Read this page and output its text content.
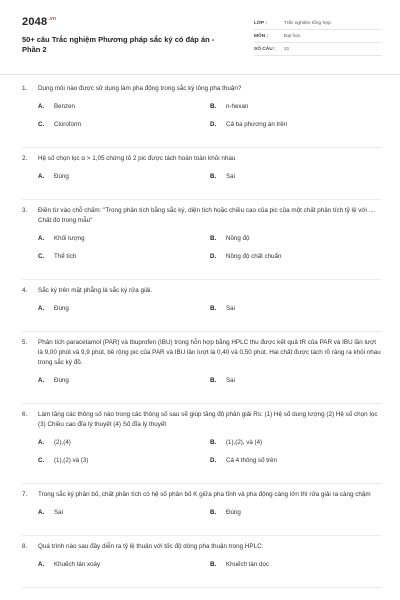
$2048^{.vn}$
50+ câu Trắc nghiệm Phương pháp sắc ký có đáp án - Phần 2
LỚP :	Trắc nghiệm tổng hợp
MÔN :	Đại học
SỐ CÂU :	21
1.	Dung môi nào được sử dụng làm pha động trong sắc ký lỏng pha thuận?
A.	Benzen	B.	n-hexan
C.	Cloroform	D.	Cả ba phương án trên
2.	Hệ số chọn lọc α > 1,05 chứng tỏ 2 pic được tách hoàn toàn khỏi nhau
A.	Đúng	B.	Sai
3.	Điền từ vào chỗ chấm: "Trong phân tích bằng sắc ký, diện tích hoặc chiều cao của pic của một chất phân tích tỷ lệ với .... Chất đó trong mẫu"
A.	Khối lượng	B.	Nồng độ
C.	Thể tích	D.	Nồng độ chất chuẩn
4.	Sắc ký trên mặt phẳng là sắc ký rửa giải.
A.	Đúng	B.	Sai
5.	Phân tích paracetamol (PAR) và Ibuprofen (IBU) trong hỗn hợp bằng HPLC thu được kết quả tR của PAR và IBU lần lượt là 9,00 phút và 9,9 phút, bề rộng pic của PAR và IBU lần lượt là 0,40 và 0,50 phút. Hai chất được tách rõ ràng ra khỏi nhau trong sắc ký đồ.
A.	Đúng	B.	Sai
6.	Làm tăng các thông số nào trong các thông số sau sẽ giúp tăng độ phân giải Rs: (1) Hệ số dung lượng (2) Hệ số chọn lọc (3) Chiều cao đĩa lý thuyết (4) Số đĩa lý thuyết
A.	(2),(4)	B.	(1),(2), và (4)
C.	(1),(2) và (3)	D.	Cả 4 thông số trên
7.	Trong sắc ký phân bố, chất phân tích có hệ số phân bố K giữa pha tĩnh và pha động càng lớn thì rửa giải ra càng chậm
A.	Sai	B.	Đúng
8.	Quá trình nào sau đây diễn ra tỷ lệ thuận với tốc độ dòng pha thuận trong HPLC:
A.	Khuếch tán xoáy	B.	Khuếch tán dọc
